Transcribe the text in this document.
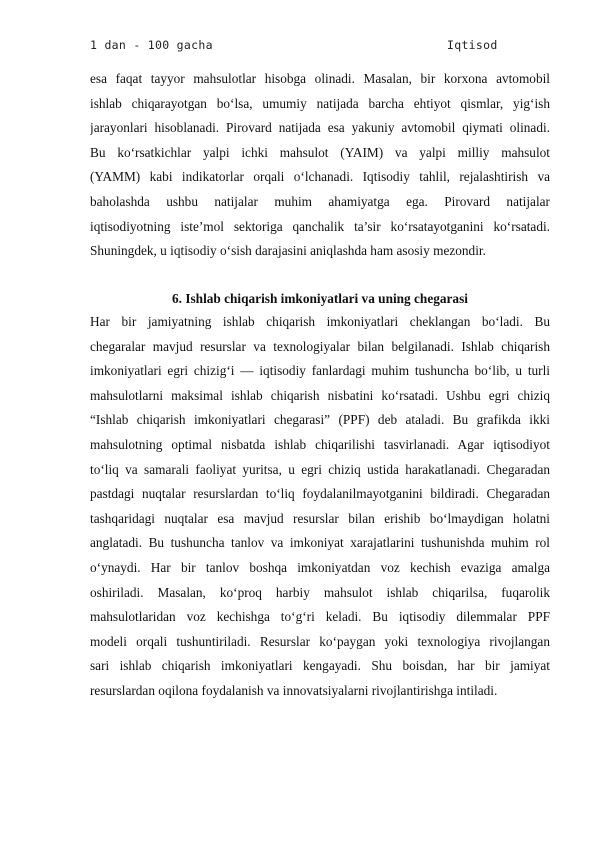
1 dan - 100 gacha	Iqtisod
esa faqat tayyor mahsulotlar hisobga olinadi. Masalan, bir korxona avtomobil
ishlab chiqarayotgan bo‘lsa, umumiy natijada barcha ehtiyot qismlar, yig‘ish
jarayonlari hisoblanadi. Pirovard natijada esa yakuniy avtomobil qiymati olinadi.
Bu ko‘rsatkichlar yalpi ichki mahsulot (YAIM) va yalpi milliy mahsulot
(YAMM) kabi indikatorlar orqali o‘lchanadi. Iqtisodiy tahlil, rejalashtirish va
baholashda ushbu natijalar muhim ahamiyatga ega. Pirovard natijalar
iqtisodiyotning iste’mol sektoriga qanchalik ta’sir ko‘rsatayotganini ko‘rsatadi.
Shuningdek, u iqtisodiy o‘sish darajasini aniqlashda ham asosiy mezondir.
6. Ishlab chiqarish imkoniyatlari va uning chegarasi
Har bir jamiyatning ishlab chiqarish imkoniyatlari cheklangan bo‘ladi. Bu
chegaralar mavjud resurslar va texnologiyalar bilan belgilanadi. Ishlab chiqarish
imkoniyatlari egri chizig‘i — iqtisodiy fanlardagi muhim tushuncha bo‘lib, u turli
mahsulotlarni maksimal ishlab chiqarish nisbatini ko‘rsatadi. Ushbu egri chiziq
“Ishlab chiqarish imkoniyatlari chegarasi” (PPF) deb ataladi. Bu grafikda ikki
mahsulotning optimal nisbatda ishlab chiqarilishi tasvirlanadi. Agar iqtisodiyot
to‘liq va samarali faoliyat yuritsa, u egri chiziq ustida harakatlanadi. Chegaradan
pastdagi nuqtalar resurslardan to‘liq foydalanilmayotganini bildiradi. Chegaradan
tashqaridagi nuqtalar esa mavjud resurslar bilan erishib bo‘lmaydigan holatni
anglatadi. Bu tushuncha tanlov va imkoniyat xarajatlarini tushunishda muhim rol
o‘ynaydi. Har bir tanlov boshqa imkoniyatdan voz kechish evaziga amalga
oshiriladi. Masalan, ko‘proq harbiy mahsulot ishlab chiqarilsa, fuqarolik
mahsulotlaridan voz kechishga to‘g‘ri keladi. Bu iqtisodiy dilemmalar PPF
modeli orqali tushuntiriladi. Resurslar ko‘paygan yoki texnologiya rivojlangan
sari ishlab chiqarish imkoniyatlari kengayadi. Shu boisdan, har bir jamiyat
resurslardan oqilona foydalanish va innovatsiyalarni rivojlantirishga intiladi.
